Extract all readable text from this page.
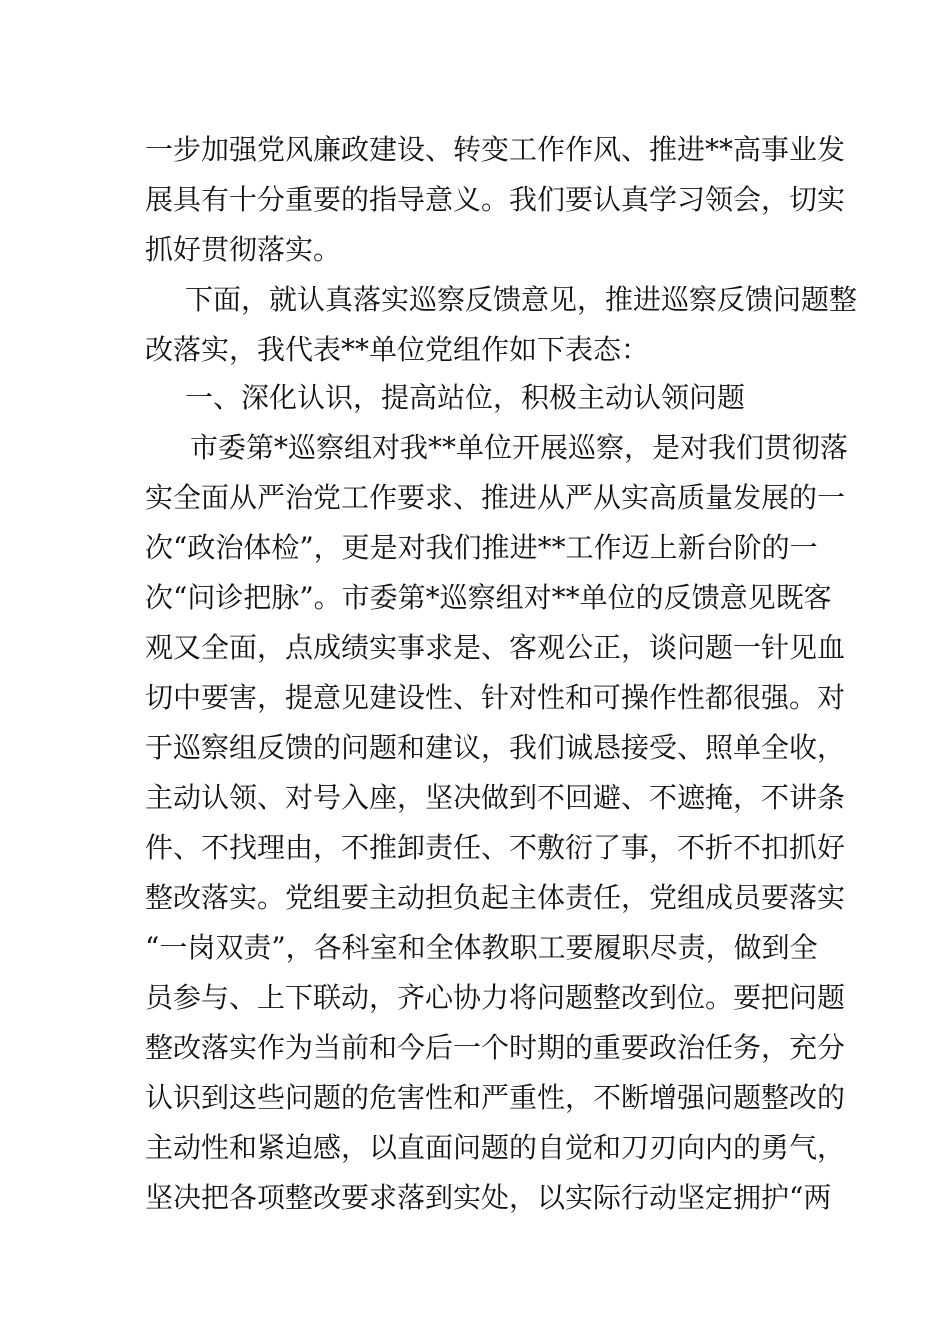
一步加强党风廉政建设、转变工作作风、推进**高事业发
展具有十分重要的指导意义。我们要认真学习领会，切实
抓好贯彻落实。
下面，就认真落实巡察反馈意见，推进巡察反馈问题整
改落实，我代表**单位党组作如下表态：
一、深化认识，提高站位，积极主动认领问题
市委第*巡察组对我**单位开展巡察，是对我们贯彻落
实全面从严治党工作要求、推进从严从实高质量发展的一
次“政治体检”，更是对我们推进**工作迈上新台阶的一
次“问诊把脉”。市委第*巡察组对**单位的反馈意见既客
观又全面，点成绩实事求是、客观公正，谈问题一针见血
切中要害，提意见建设性、针对性和可操作性都很强。对
于巡察组反馈的问题和建议，我们诚恳接受、照单全收，
主动认领、对号入座，坚决做到不回避、不遮掩，不讲条
件、不找理由，不推卸责任、不敷衍了事，不折不扣抓好
整改落实。党组要主动担负起主体责任，党组成员要落实
“一岗双责”，各科室和全体教职工要履职尽责，做到全
员参与、上下联动，齐心协力将问题整改到位。要把问题
整改落实作为当前和今后一个时期的重要政治任务，充分
认识到这些问题的危害性和严重性，不断增强问题整改的
主动性和紧迫感，以直面问题的自觉和刀刃向内的勇气，
坚决把各项整改要求落到实处，以实际行动坚定拥护“两
